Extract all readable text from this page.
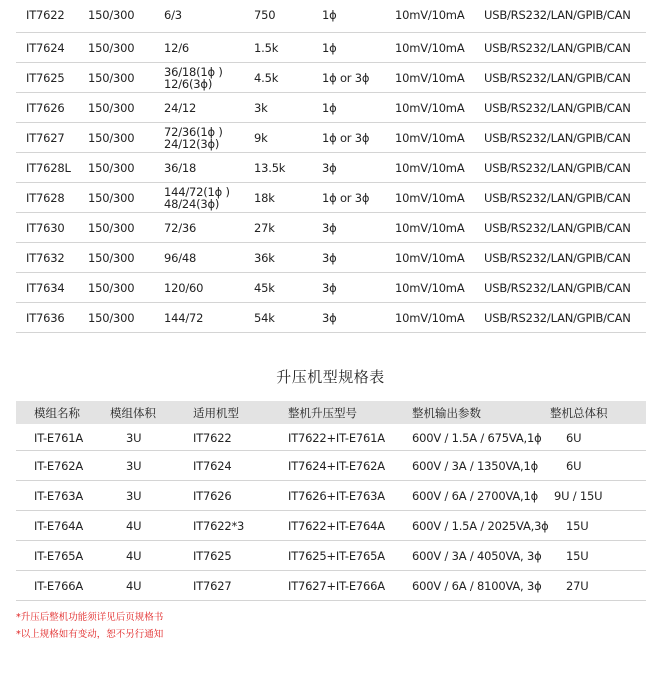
IT7622 150/300	6/3	750	1ϕ	10mV/10mA USB/RS232/LAN/GPIB/CAN
IT7624 150/300	12/6	1.5k	1ϕ	10mV/10mA USB/RS232/LAN/GPIB/CAN
IT7625 150/300	36/18(1ϕ )
12/6(3ϕ)	4.5k	1ϕ or 3ϕ 10mV/10mA USB/RS232/LAN/GPIB/CAN
IT7626 150/300	24/12	3k	1ϕ	10mV/10mA USB/RS232/LAN/GPIB/CAN
IT7627 150/300	72/36(1ϕ )
24/12(3ϕ)	9k	1ϕ or 3ϕ 10mV/10mA USB/RS232/LAN/GPIB/CAN
IT7628L 150/300	36/18	13.5k	3ϕ	10mV/10mA USB/RS232/LAN/GPIB/CAN
IT7628 150/300	144/72(1ϕ )
48/24(3ϕ)	18k	1ϕ or 3ϕ 10mV/10mA USB/RS232/LAN/GPIB/CAN
IT7630 150/300	72/36	27k	3ϕ	10mV/10mA USB/RS232/LAN/GPIB/CAN
IT7632 150/300	96/48	36k	3ϕ	10mV/10mA USB/RS232/LAN/GPIB/CAN
IT7634 150/300	120/60	45k	3ϕ	10mV/10mA USB/RS232/LAN/GPIB/CAN
IT7636 150/300	144/72	54k	3ϕ	10mV/10mA USB/RS232/LAN/GPIB/CAN
升压机型规格表
模组名称	模组体积	适用机型	整机升压型号	整机输出参数	整机总体积
IT-E761A	3U	IT7622	IT7622+IT-E761A 600V / 1.5A / 675VA,1ϕ 6U
IT-E762A	3U	IT7624	IT7624+IT-E762A 600V / 3A / 1350VA,1ϕ 6U
IT-E763A	3U	IT7626	IT7626+IT-E763A 600V / 6A / 2700VA,1ϕ 9U / 15U
IT-E764A	4U	IT7622*3	IT7622+IT-E764A 600V / 1.5A / 2025VA,3ϕ 15U
IT-E765A	4U	IT7625	IT7625+IT-E765A 600V / 3A / 4050VA, 3ϕ 15U
IT-E766A	4U	IT7627	IT7627+IT-E766A 600V / 6A / 8100VA, 3ϕ 27U
*升压后整机功能须详见后页规格书
*以上规格如有变动，恕不另行通知
